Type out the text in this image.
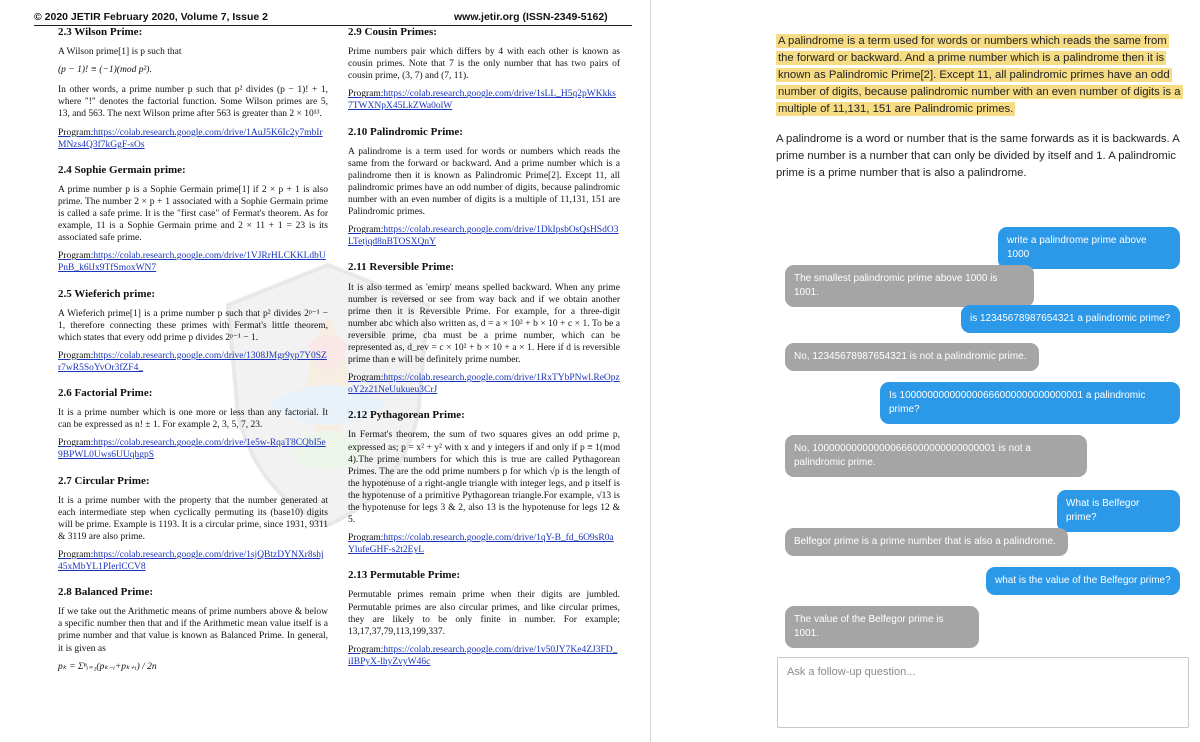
© 2020 JETIR February 2020, Volume 7, Issue 2	www.jetir.org (ISSN-2349-5162)
2.3 Wilson Prime:
A Wilson prime[1] is p such that
(p − 1)! ≡ (−1)(mod p²).
In other words, a prime number p such that p² divides (p − 1)! + 1, where "!" denotes the factorial function. Some Wilson primes are 5, 13, and 563. The next Wilson prime after 563 is greater than 2 × 10¹³.
Program:https://colab.research.google.com/drive/1AuJ5K6Ic2y7mbIrMNzs4Q3f7kGgF-sOs
2.4 Sophie Germain prime:
A prime number p is a Sophie Germain prime[1] if 2 × p + 1 is also prime. The number 2 × p + 1 associated with a Sophie Germain prime is called a safe prime. It is the "first case" of Fermat's theorem. As for example, 11 is a Sophie Germain prime and 2 × 11 + 1 = 23 is its associated safe prime.
Program:https://colab.research.google.com/drive/1VJRrHLCKKLdbUPnB_k6lJx9TfSmoxWN7
2.5 Wieferich prime:
A Wieferich prime[1] is a prime number p such that p² divides 2ᵖ⁻¹ − 1, therefore connecting these primes with Fermat's little theorem, which states that every odd prime p divides 2ᵖ⁻¹ − 1.
Program:https://colab.research.google.com/drive/1308JMgr9yp7Y0SZr7wR5SoYvOr3fZF4_
2.6 Factorial Prime:
It is a prime number which is one more or less than any factorial. It can be expressed as n! ± 1. For example 2, 3, 5, 7, 23.
Program:https://colab.research.google.com/drive/1e5w-RqaT8CQbI5e9BPWL0Uws6UUqhgpS
2.7 Circular Prime:
It is a prime number with the property that the number generated at each intermediate step when cyclically permuting its (base10) digits will be prime. Example is 1193. It is a circular prime, since 1931, 9311 & 3119 are also prime.
Program:https://colab.research.google.com/drive/1sjQBtzDYNXr8shj45xMbYL1PIerlCCV8
2.8 Balanced Prime:
If we take out the Arithmetic means of prime numbers above & below a specific number then that and if the Arithmetic mean value itself is a prime number and that value is known as Balanced Prime. In general, it is given as
pₖ = Σⁿᵢ₌₁(pₖ₋ᵢ+pₖ₊ᵢ) / 2n
2.9 Cousin Primes:
Prime numbers pair which differs by 4 with each other is known as cousin primes. Note that 7 is the only number that has two pairs of cousin prime, (3, 7) and (7, 11).
Program:https://colab.research.google.com/drive/1sLL_H5q2pWKkks7TWXNpX45LkZWa0olW
2.10 Palindromic Prime:
A palindrome is a term used for words or numbers which reads the same from the forward or backward. And a prime number which is a palindrome then it is known as Palindromic Prime[2]. Except 11, all palindromic primes have an odd number of digits, because palindromic number with an even number of digits is a multiple of 11,131, 151 are Palindromic primes.
Program:https://colab.research.google.com/drive/1DkIpsbOsQsHSdO3LTetjqd8nBTOSXQnY
2.11 Reversible Prime:
It is also termed as 'emirp' means spelled backward. When any prime number is reversed or see from way back and if we obtain another prime then it is Reversible Prime. For example, for a three-digit number abc which also written as, d = a × 10² + b × 10 + c × 1. To be a reversible prime, cba must be a prime number, which can be represented as, d_rev = c × 10² + b × 10 + a × 1. Here if d is reversible prime than e will be definitely prime number.
Program:https://colab.research.google.com/drive/1RxTYbPNwl.ReOpzoY2z21NeUukueu3CrJ
2.12 Pythagorean Prime:
In Fermat's theorem, the sum of two squares gives an odd prime p, expressed as; p = x² + y² with x and y integers if and only if p ≡ 1(mod 4).The prime numbers for which this is true are called Pythagorean Primes. The are the odd prime numbers p for which √p is the length of the hypotenuse of a right-angle triangle with integer legs, and p itself is the hypotenuse of a primitive Pythagorean triangle.For example, √13 is the hypotenuse for legs 3 & 2, also 13 is the hypotenuse for legs 12 & 5.
Program:https://colab.research.google.com/drive/1qY-B_fd_6O9sR0aYlufeGHF-s2t2EyL
2.13 Permutable Prime:
Permutable primes remain prime when their digits are jumbled. Permutable primes are also circular primes, and like circular primes, they are likely to be only finite in number. For example; 13,17,37,79,113,199,337.
Program:https://colab.research.google.com/drive/1v50JY7Ke4ZJ3FD_iIBPyX-lhyZvyW46c
A palindrome is a term used for words or numbers which reads the same from the forward or backward. And a prime number which is a palindrome then it is known as Palindromic Prime[2]. Except 11, all palindromic primes have an odd number of digits, because palindromic number with an even number of digits is a multiple of 11,131, 151 are Palindromic primes.
A palindrome is a word or number that is the same forwards as it is backwards. A prime number is a number that can only be divided by itself and 1. A palindromic prime is a prime number that is also a palindrome.
write a palindrome prime above 1000
The smallest palindromic prime above 1000 is 1001.
is 12345678987654321 a palindromic prime?
No, 12345678987654321 is not a palindromic prime.
Is 100000000000000666000000000000001 a palindromic prime?
No, 100000000000000666000000000000001 is not a palindromic prime.
What is Belfegor prime?
Belfegor prime is a prime number that is also a palindrome.
what is the value of the Belfegor prime?
The value of the Belfegor prime is 1001.
Ask a follow-up question...
